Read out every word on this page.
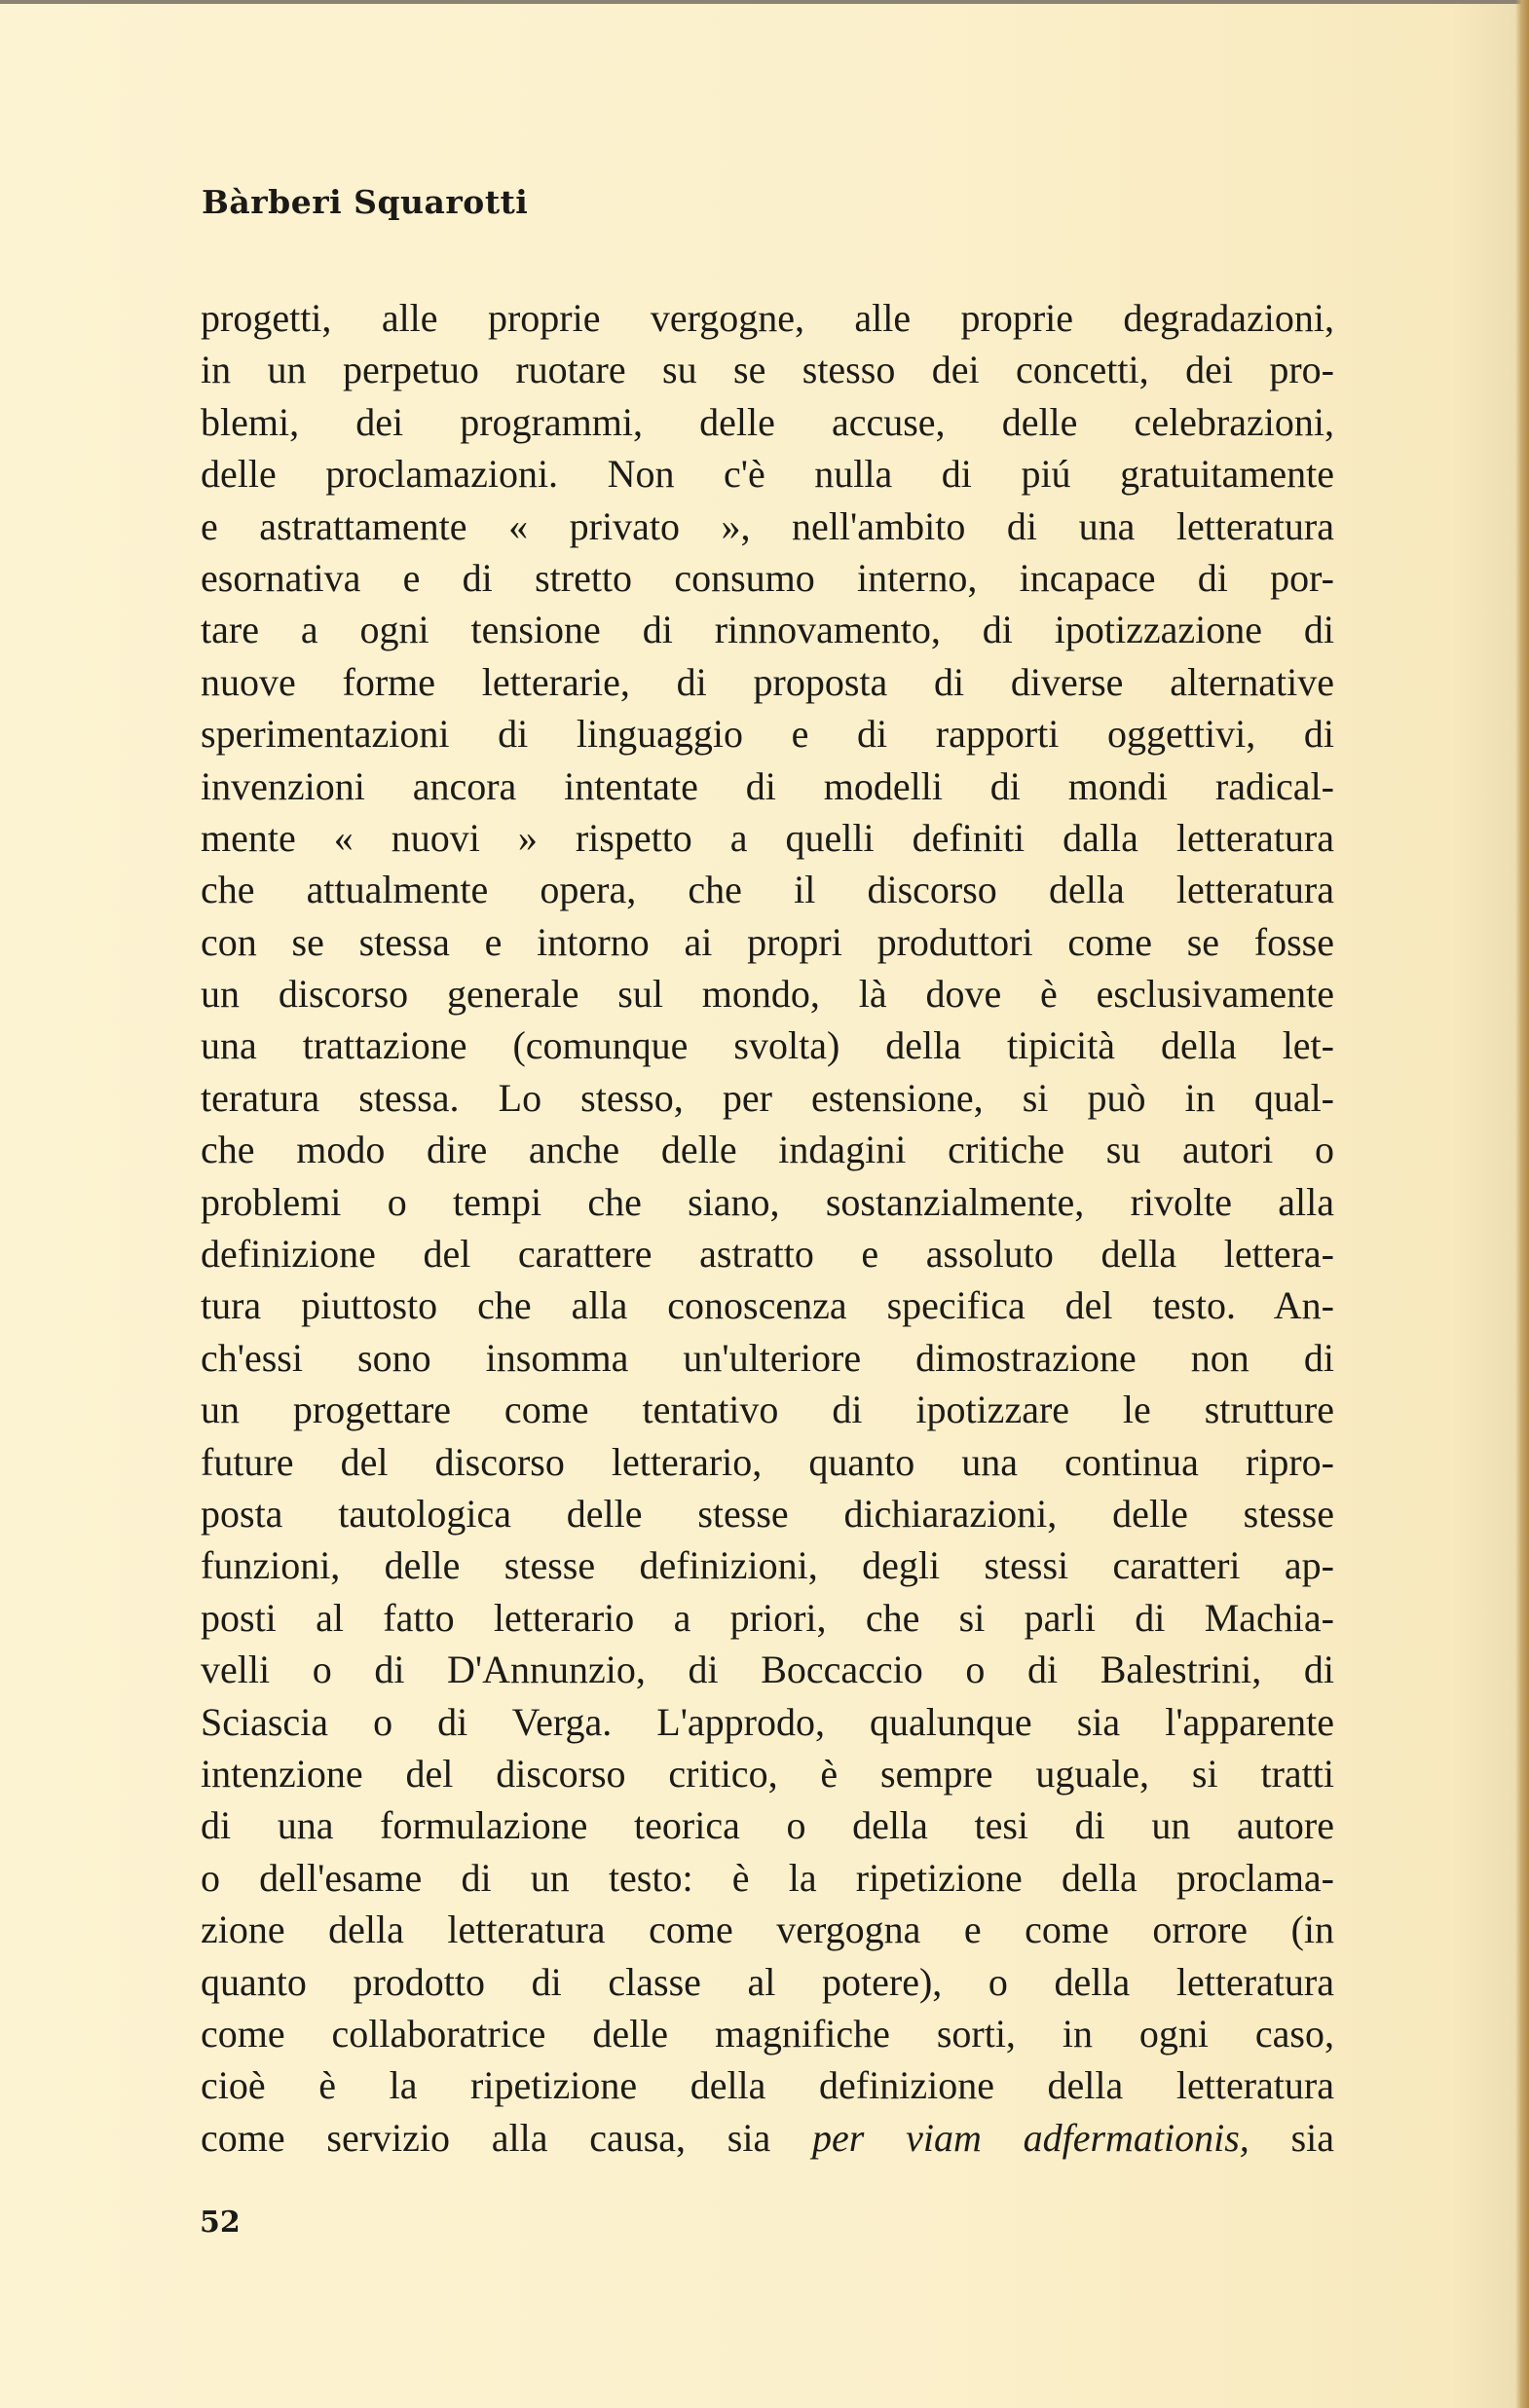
Bàrberi Squarotti
progetti, alle proprie vergogne, alle proprie degradazioni,
in un perpetuo ruotare su se stesso dei concetti, dei pro-
blemi, dei programmi, delle accuse, delle celebrazioni,
delle proclamazioni. Non c'è nulla di piú gratuitamente
e astrattamente « privato », nell'ambito di una letteratura
esornativa e di stretto consumo interno, incapace di por-
tare a ogni tensione di rinnovamento, di ipotizzazione di
nuove forme letterarie, di proposta di diverse alternative
sperimentazioni di linguaggio e di rapporti oggettivi, di
invenzioni ancora intentate di modelli di mondi radical-
mente « nuovi » rispetto a quelli definiti dalla letteratura
che attualmente opera, che il discorso della letteratura
con se stessa e intorno ai propri produttori come se fosse
un discorso generale sul mondo, là dove è esclusivamente
una trattazione (comunque svolta) della tipicità della let-
teratura stessa. Lo stesso, per estensione, si può in qual-
che modo dire anche delle indagini critiche su autori o
problemi o tempi che siano, sostanzialmente, rivolte alla
definizione del carattere astratto e assoluto della lettera-
tura piuttosto che alla conoscenza specifica del testo. An-
ch'essi sono insomma un'ulteriore dimostrazione non di
un progettare come tentativo di ipotizzare le strutture
future del discorso letterario, quanto una continua ripro-
posta tautologica delle stesse dichiarazioni, delle stesse
funzioni, delle stesse definizioni, degli stessi caratteri ap-
posti al fatto letterario a priori, che si parli di Machia-
velli o di D'Annunzio, di Boccaccio o di Balestrini, di
Sciascia o di Verga. L'approdo, qualunque sia l'apparente
intenzione del discorso critico, è sempre uguale, si tratti
di una formulazione teorica o della tesi di un autore
o dell'esame di un testo: è la ripetizione della proclama-
zione della letteratura come vergogna e come orrore (in
quanto prodotto di classe al potere), o della letteratura
come collaboratrice delle magnifiche sorti, in ogni caso,
cioè è la ripetizione della definizione della letteratura
come servizio alla causa, sia per viam adfermationis, sia
52
